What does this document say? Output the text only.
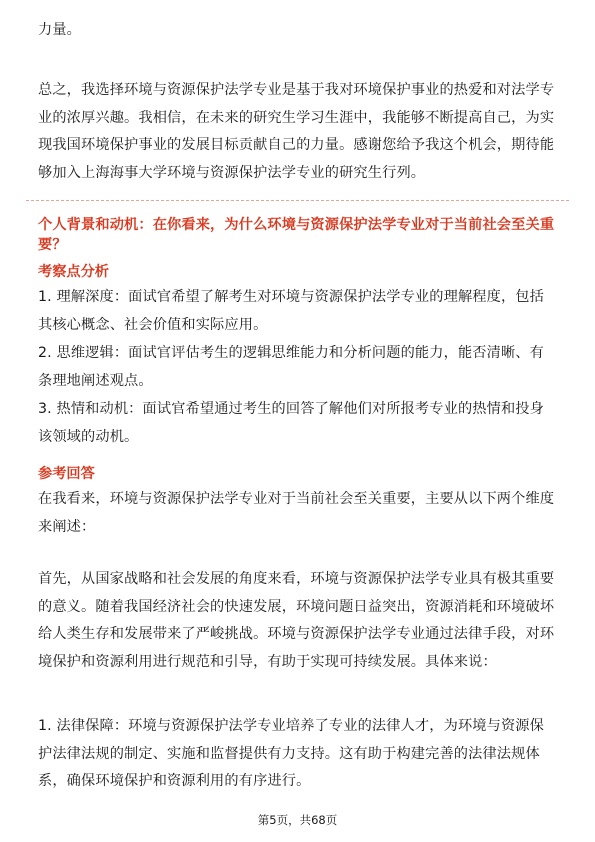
力量。
总之，我选择环境与资源保护法学专业是基于我对环境保护事业的热爱和对法学专业的浓厚兴趣。我相信，在未来的研究生学习生涯中，我能够不断提高自己，为实现我国环境保护事业的发展目标贡献自己的力量。感谢您给予我这个机会，期待能够加入上海海事大学环境与资源保护法学专业的研究生行列。
个人背景和动机：在你看来，为什么环境与资源保护法学专业对于当前社会至关重要？
考察点分析
1. 理解深度：面试官希望了解考生对环境与资源保护法学专业的理解程度，包括其核心概念、社会价值和实际应用。
2. 思维逻辑：面试官评估考生的逻辑思维能力和分析问题的能力，能否清晰、有条理地阐述观点。
3. 热情和动机：面试官希望通过考生的回答了解他们对所报考专业的热情和投身该领域的动机。
参考回答
在我看来，环境与资源保护法学专业对于当前社会至关重要，主要从以下两个维度来阐述：
首先，从国家战略和社会发展的角度来看，环境与资源保护法学专业具有极其重要的意义。随着我国经济社会的快速发展，环境问题日益突出，资源消耗和环境破坏给人类生存和发展带来了严峻挑战。环境与资源保护法学专业通过法律手段，对环境保护和资源利用进行规范和引导，有助于实现可持续发展。具体来说：
1. 法律保障：环境与资源保护法学专业培养了专业的法律人才，为环境与资源保护法律法规的制定、实施和监督提供有力支持。这有助于构建完善的法律法规体系，确保环境保护和资源利用的有序进行。
第5页，共68页
